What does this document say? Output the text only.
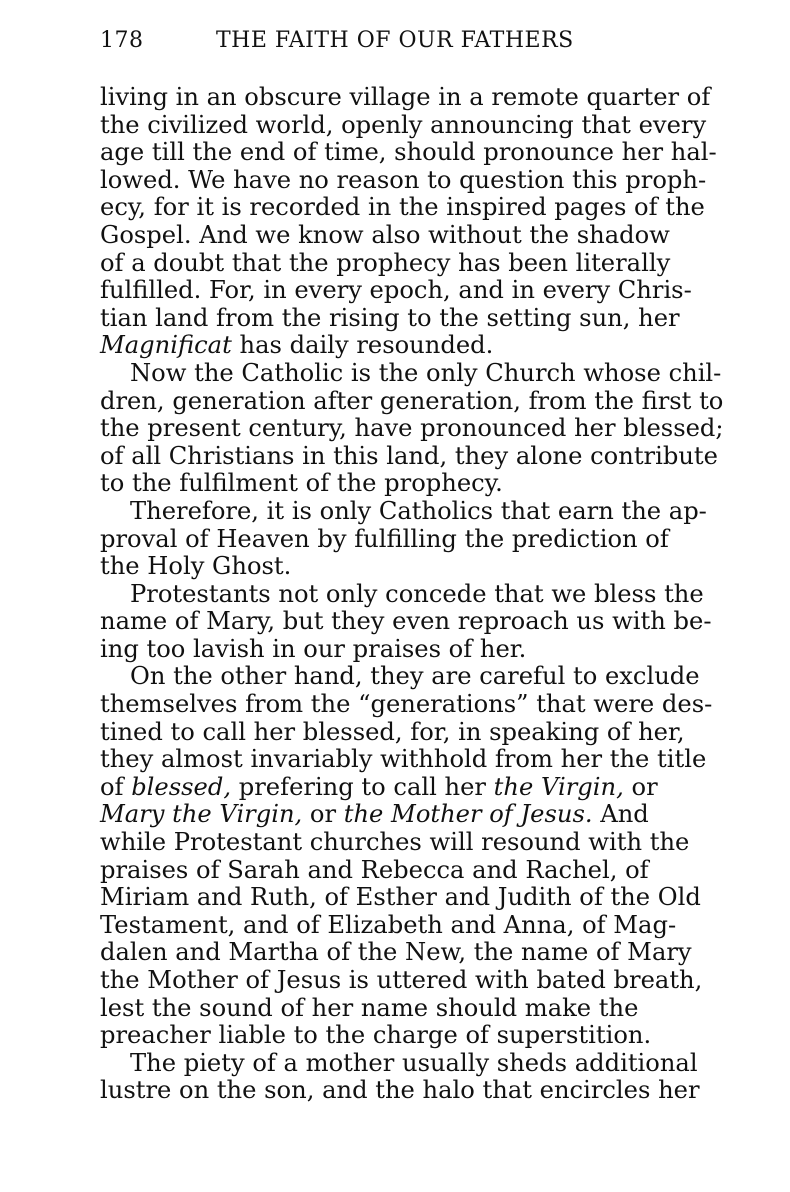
178	THE FAITH OF OUR FATHERS
living in an obscure village in a remote quarter of
the civilized world, openly announcing that every
age till the end of time, should pronounce her hal-
lowed. We have no reason to question this proph-
ecy, for it is recorded in the inspired pages of the
Gospel. And we know also without the shadow
of a doubt that the prophecy has been literally
fulfilled. For, in every epoch, and in every Chris-
tian land from the rising to the setting sun, her
Magnificat has daily resounded.
Now the Catholic is the only Church whose chil-
dren, generation after generation, from the first to
the present century, have pronounced her blessed;
of all Christians in this land, they alone contribute
to the fulfilment of the prophecy.
Therefore, it is only Catholics that earn the ap-
proval of Heaven by fulfilling the prediction of
the Holy Ghost.
Protestants not only concede that we bless the
name of Mary, but they even reproach us with be-
ing too lavish in our praises of her.
On the other hand, they are careful to exclude
themselves from the “generations” that were des-
tined to call her blessed, for, in speaking of her,
they almost invariably withhold from her the title
of blessed, prefering to call her the Virgin, or
Mary the Virgin, or the Mother of Jesus. And
while Protestant churches will resound with the
praises of Sarah and Rebecca and Rachel, of
Miriam and Ruth, of Esther and Judith of the Old
Testament, and of Elizabeth and Anna, of Mag-
dalen and Martha of the New, the name of Mary
the Mother of Jesus is uttered with bated breath,
lest the sound of her name should make the
preacher liable to the charge of superstition.
The piety of a mother usually sheds additional
lustre on the son, and the halo that encircles her
